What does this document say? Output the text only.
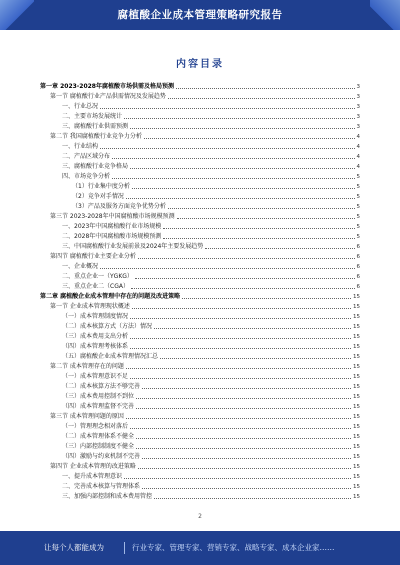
腐植酸企业成本管理策略研究报告
内容目录
第一章 2023-2028年腐植酸市场供需及格局预测	3
第一节 腐植酸行业产品供需情况及发展趋势	3
一、行业总况	3
二、主要市场发展统计	3
三、腐植酸行业供需预测	3
第二节 我国腐植酸行业竞争力分析	4
一、行业结构	4
二、产品区域分布	4
三、腐植酸行业竞争格局	4
四、市场竞争分析	5
（1）行业集中度分析	5
（2）竞争对手情况	5
（3）产品及服务方面竞争优势分析	5
第三节 2023-2028年中国腐植酸市场规模预测	5
一、2023年中国腐植酸行业市场规模	5
二、2028年中国腐植酸市场规模预测	5
三、中国腐植酸行业发展前景及2024年主要发展趋势	6
第四节 腐植酸行业主要企业分析	6
一、企业概况	6
二、重点企业一（YGKG）	6
三、重点企业二（CGA）	6
第二章 腐植酸企业成本管理中存在的问题及改进策略	15
第一节 企业成本管理现状概述	15
（一）成本管理制度情况	15
（二）成本核算方式（方法）情况	15
（三）成本费用支出分析	15
（四）成本管理考核体系	15
（五）腐植酸企业成本管理情况汇总	15
第二节 成本管理存在的问题	15
（一）成本管理意识不足	15
（二）成本核算方法不够完善	15
（三）成本费用控制不到位	15
（四）成本管理监督不完善	15
第三节 成本管理问题的原因	15
（一）管理理念相对落后	15
（二）成本管理体系不健全	15
（三）内部控制制度不健全	15
（四）激励与约束机制不完善	15
第四节 企业成本管理的改进策略	15
一、提升成本管理意识	15
二、完善成本核算与管理体系	15
三、加强内部控制和成本费用管控	15
2
让每个人都能成为	行业专家、管理专家、营销专家、战略专家、成本企业家……
